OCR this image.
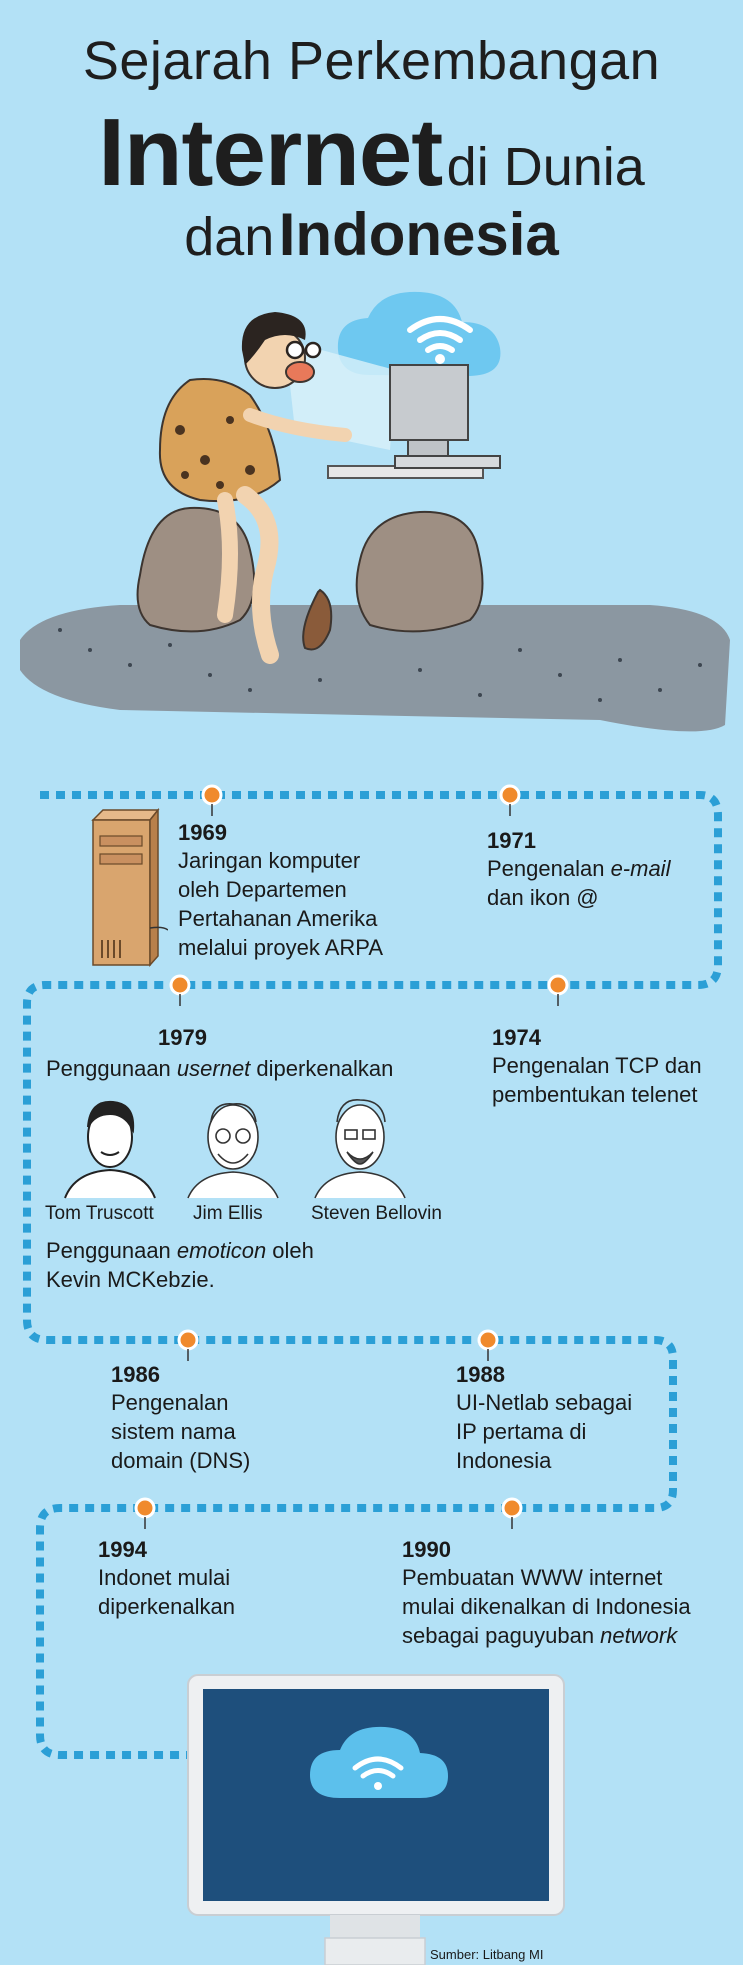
Sejarah Perkembangan
Internet di Dunia
dan Indonesia
1969
Jaringan komputer
oleh Departemen
Pertahanan Amerika
melalui proyek ARPA
1971
Pengenalan e-mail
dan ikon @
1979
Penggunaan usernet diperkenalkan
1974
Pengenalan TCP dan
pembentukan telenet
Tom Truscott Jim Ellis	Steven Bellovin
Penggunaan emoticon oleh
Kevin MCKebzie.
1986
Pengenalan
sistem nama
domain (DNS)
1988
UI-Netlab sebagai
IP pertama di
Indonesia
1994
Indonet mulai
diperkenalkan
1990
Pembuatan WWW internet
mulai dikenalkan di Indonesia
sebagai paguyuban network
Sumber: Litbang MI
